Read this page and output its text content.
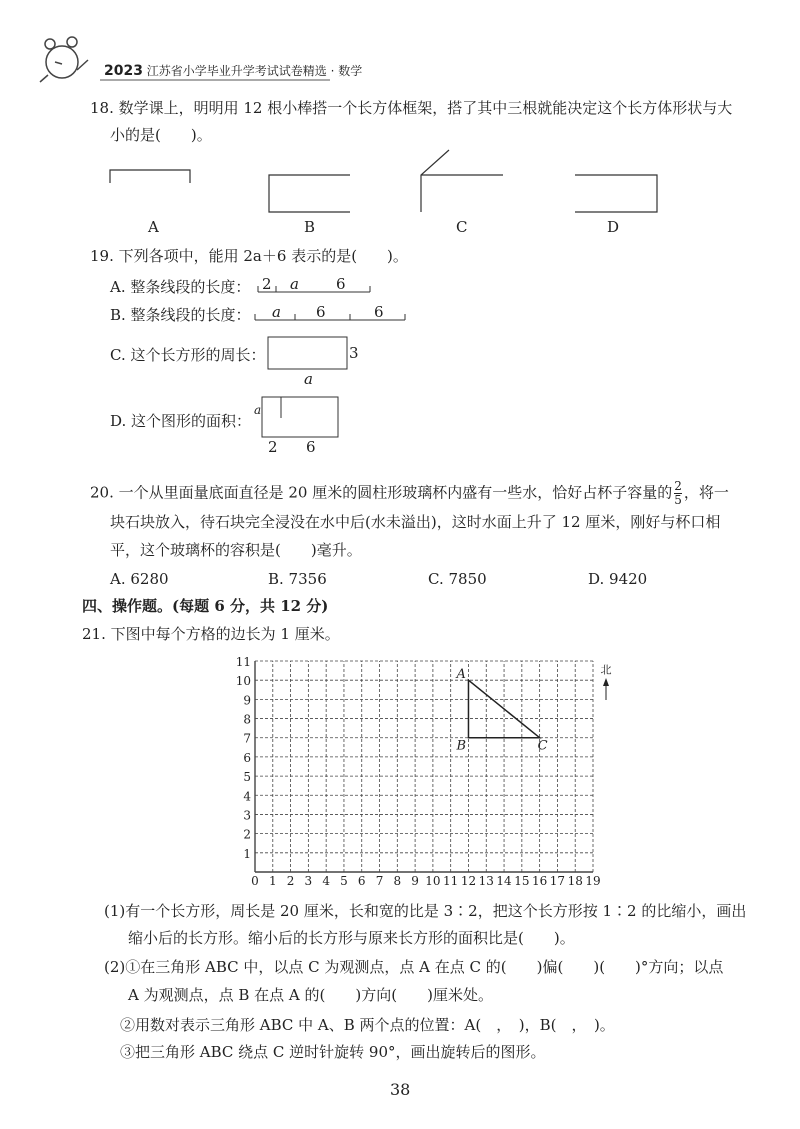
0 1 2 3 4 5 6 7 8 9 10 11 12 13 14 15 16 17 18 19
1
2
3
4
5
6
7
8
9
10
11
A
B	C
2023 江苏省小学毕业升学考试试卷精选 · 数学
18. 数学课上，明明用 12 根小棒搭一个长方体框架，搭了其中三根就能决定这个长方体形状与大
小的是(　　)。
A	B	C	D
19. 下列各项中，能用 2a＋6 表示的是(　　)。
A. 整条线段的长度： 2 a 6
B. 整条线段的长度： a 6	6
C. 这个长方形的周长：	3
a
D. 这个图形的面积：
a
2 6
20. 一个从里面量底面直径是 20 厘米的圆柱形玻璃杯内盛有一些水，恰好占杯子容量的 $\frac{2}{5}$ ，将一
块石块放入，待石块完全浸没在水中后(水未溢出)，这时水面上升了 12 厘米，刚好与杯口相
平，这个玻璃杯的容积是(　　)毫升。
A. 6280	B. 7356	C. 7850	D. 9420
四、操作题。(每题 6 分，共 12 分)
21. 下图中每个方格的边长为 1 厘米。
北
(1)有一个长方形，周长是 20 厘米，长和宽的比是 3∶2，把这个长方形按 1∶2 的比缩小，画出
缩小后的长方形。缩小后的长方形与原来长方形的面积比是(　　)。
(2)①在三角形 ABC 中，以点 C 为观测点，点 A 在点 C 的(　　)偏(　　)(　　)°方向；以点
A 为观测点，点 B 在点 A 的(　　)方向(　　)厘米处。
②用数对表示三角形 ABC 中 A、B 两个点的位置：A(　，　)，B(　，　)。
③把三角形 ABC 绕点 C 逆时针旋转 90°，画出旋转后的图形。
38
